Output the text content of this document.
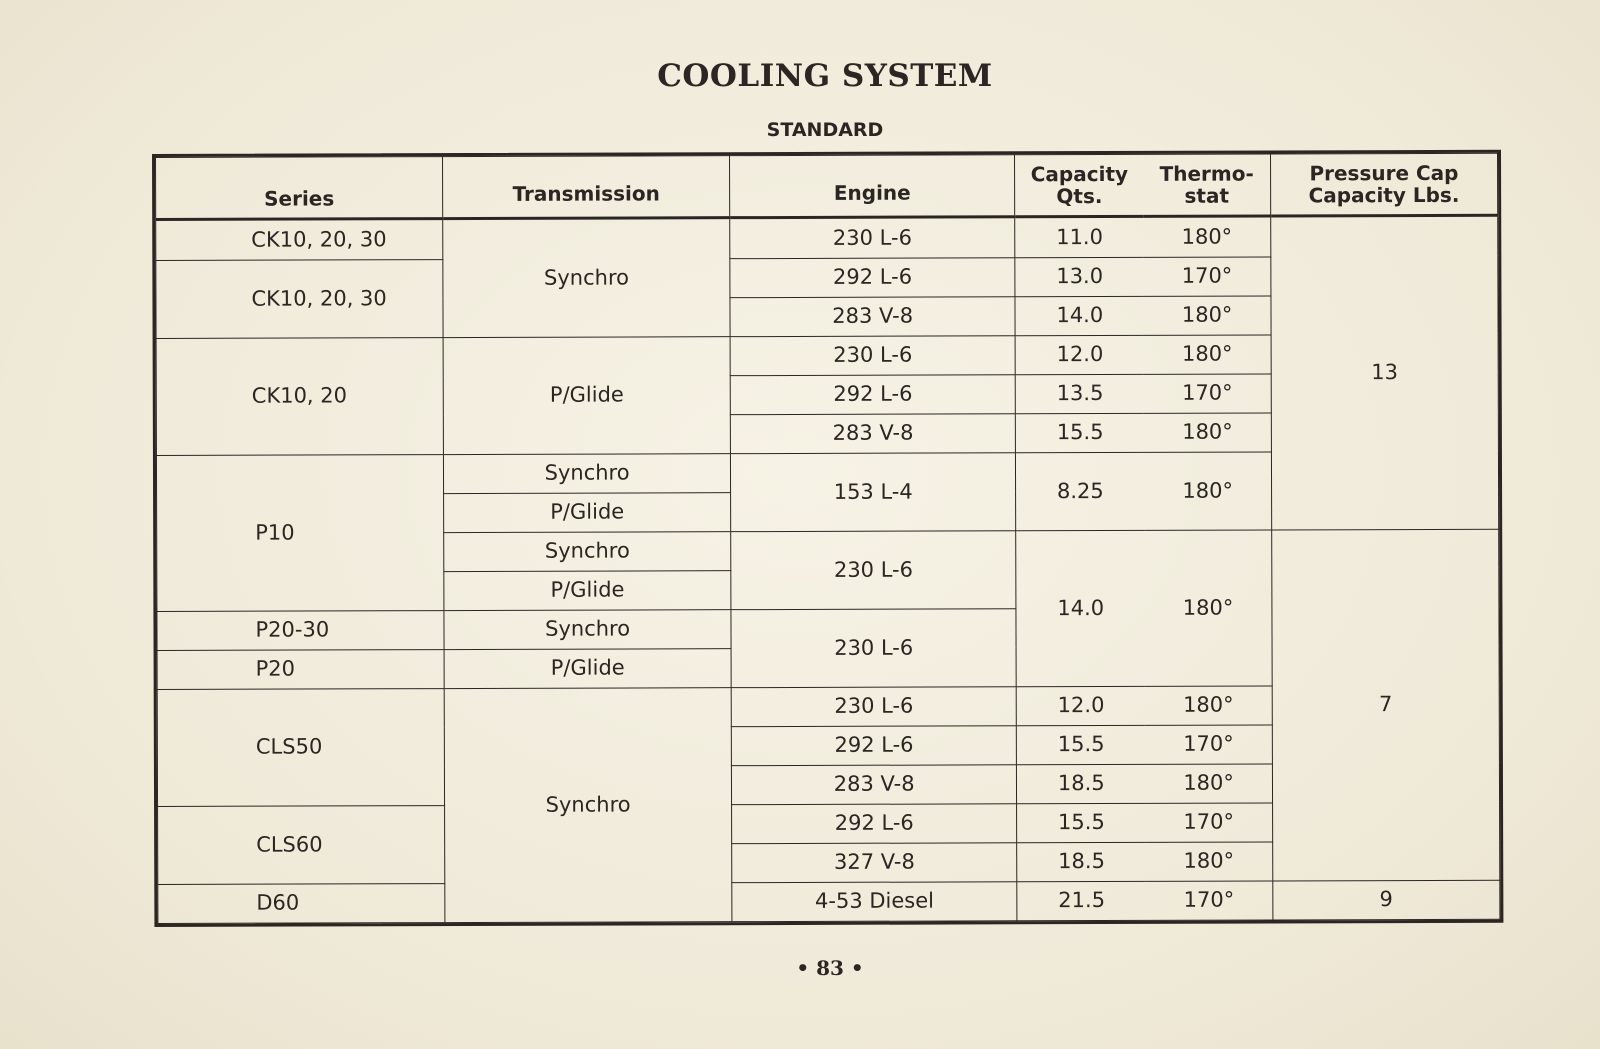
COOLING SYSTEM
STANDARD
Series	Transmission	Engine	Capacity Qts.	Thermo- stat	Pressure Cap Capacity Lbs.
CK10, 20, 30	Synchro	230 L-6	11.0	180°	13
CK10, 20, 30		292 L-6	13.0	170°	
		283 V-8	14.0	180°	
CK10, 20	P/Glide	230 L-6	12.0	180°	
		292 L-6	13.5	170°	
		283 V-8	15.5	180°	
P10	Synchro	153 L-4	8.25	180°	
	P/Glide				
	Synchro	230 L-6	14.0	180°	7
	P/Glide				
P20-30	Synchro	230 L-6			
P20	P/Glide				
CLS50	Synchro	230 L-6	12.0	180°	
		292 L-6	15.5	170°	
		283 V-8	18.5	180°	
CLS60		292 L-6	15.5	170°	
		327 V-8	18.5	180°	
D60		4-53 Diesel	21.5	170°	9
• 83 •
